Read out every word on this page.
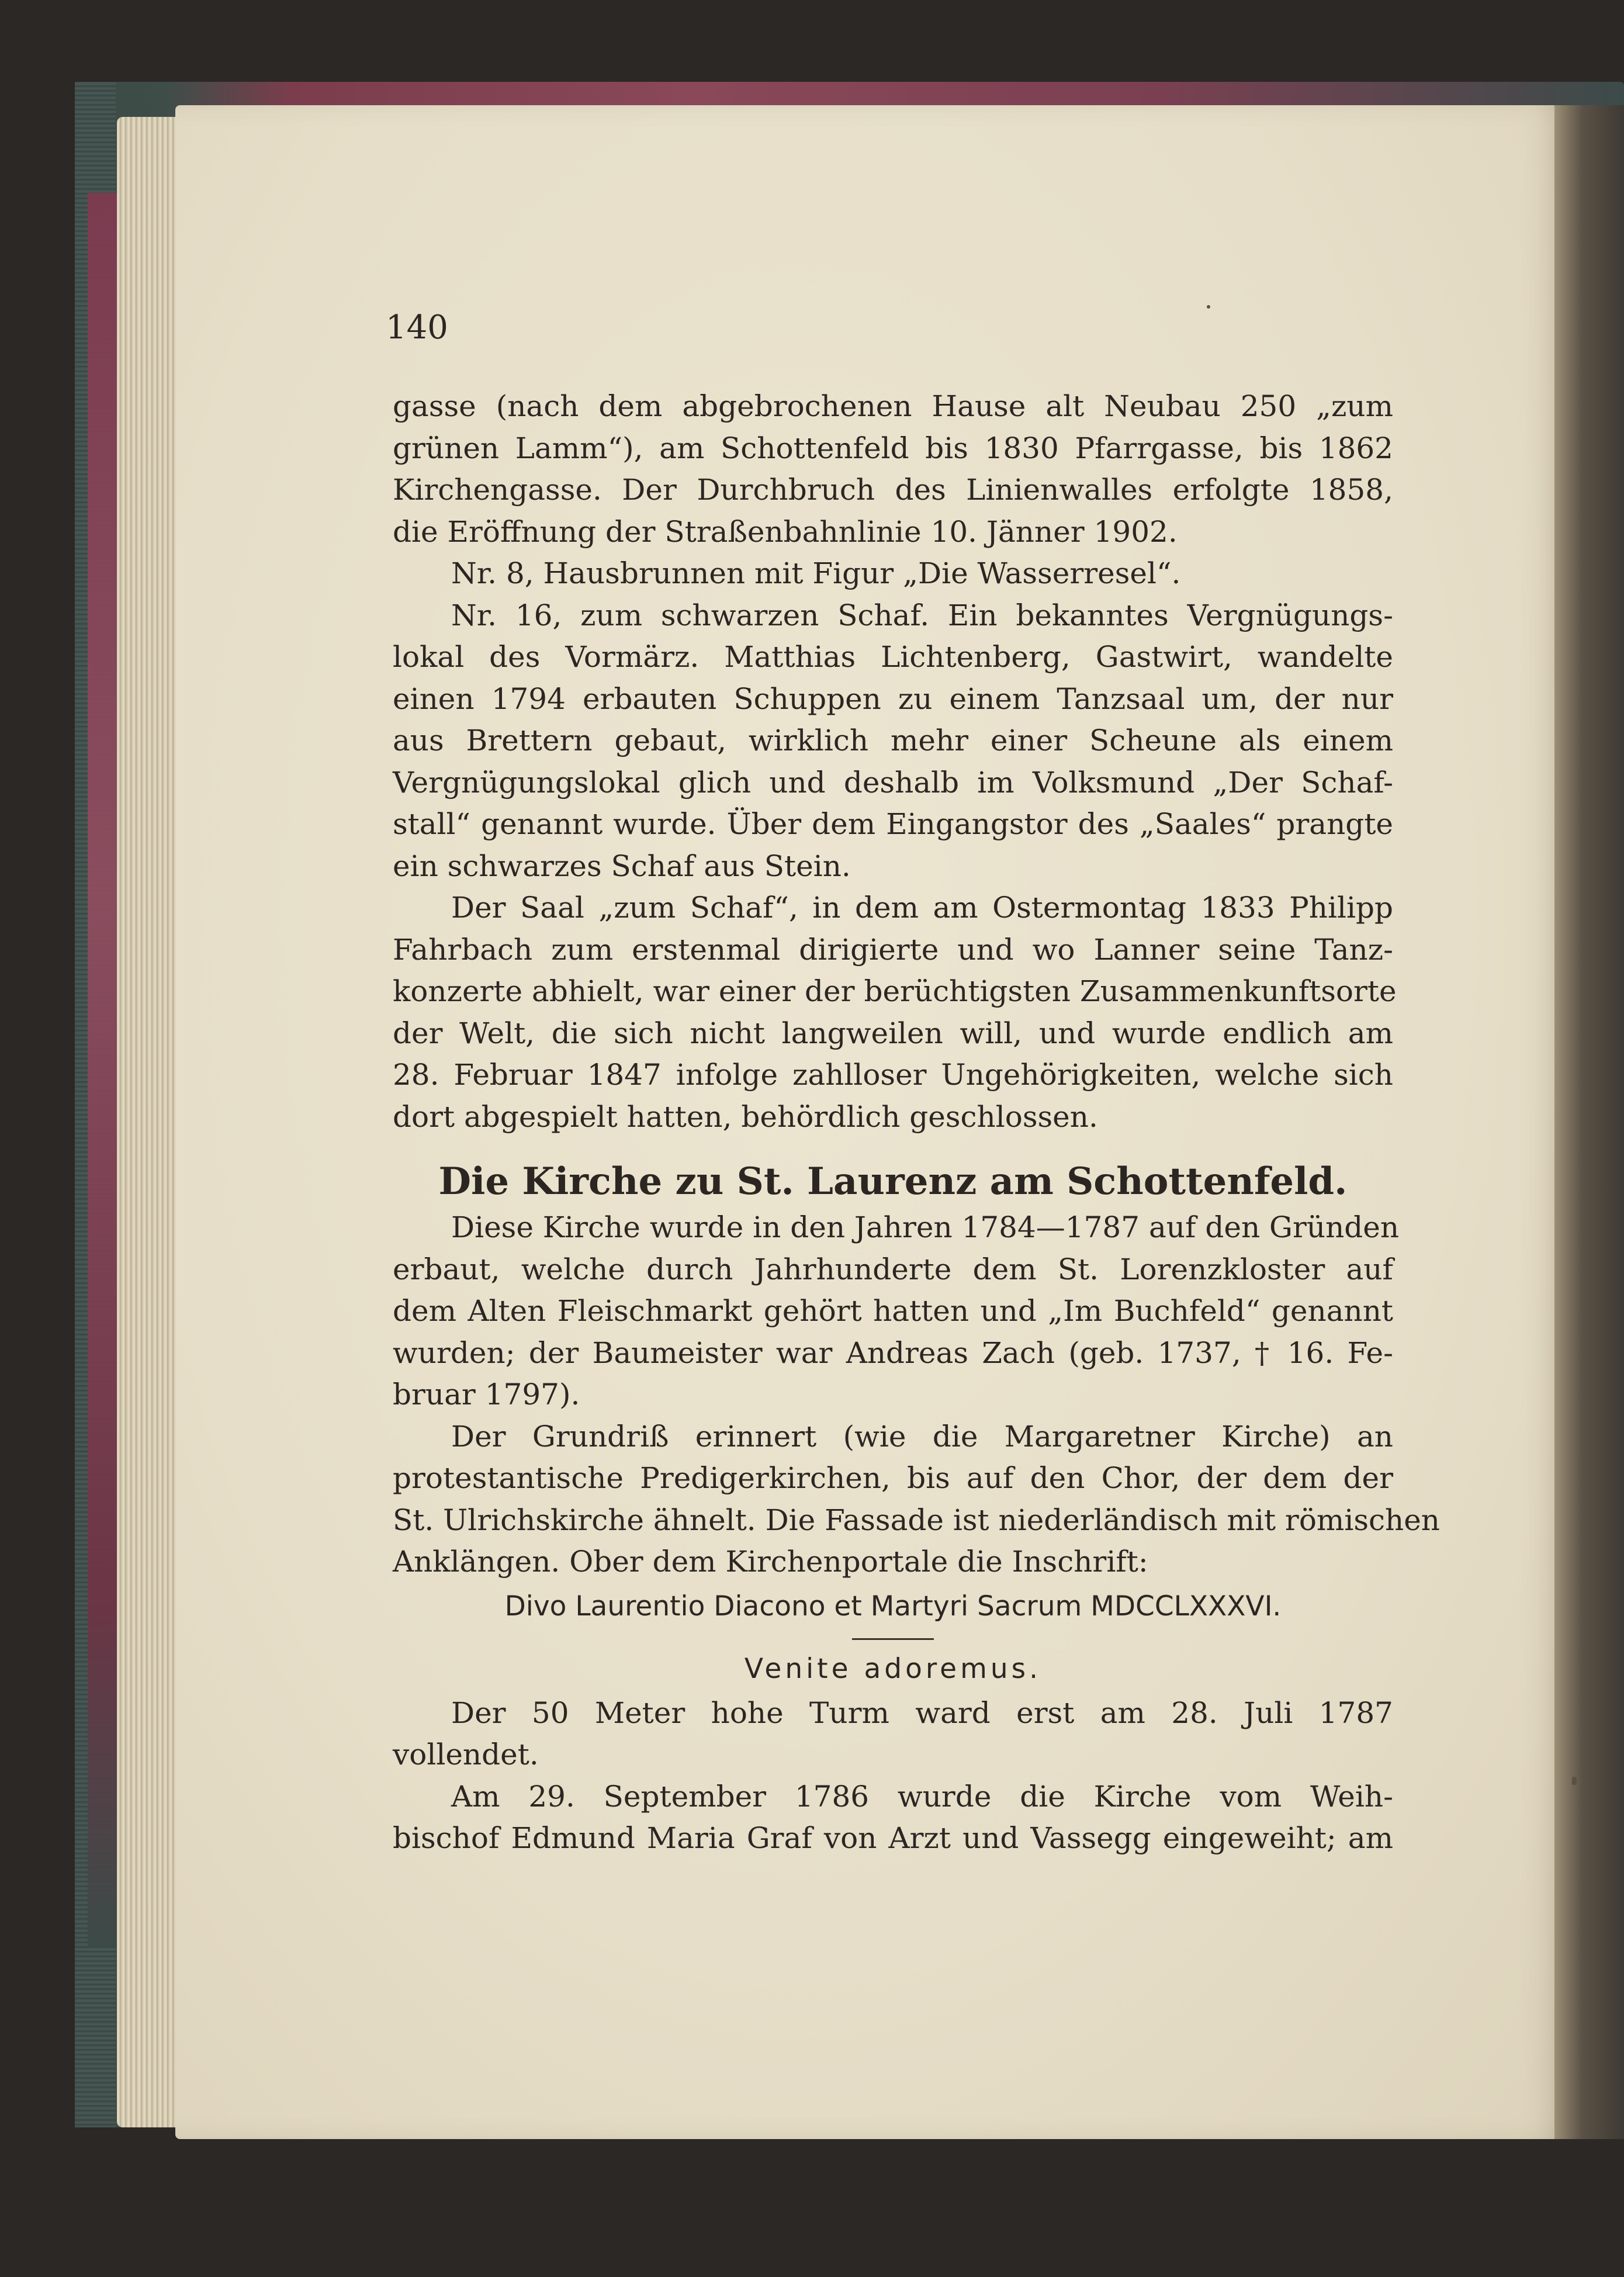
140
gasse (nach dem abgebrochenen Hause alt Neubau 250 „zum
grünen Lamm“), am Schottenfeld bis 1830 Pfarrgasse, bis 1862
Kirchengasse. Der Durchbruch des Linienwalles erfolgte 1858,
die Eröffnung der Straßenbahnlinie 10. Jänner 1902.
Nr. 8, Hausbrunnen mit Figur „Die Wasserresel“.
Nr. 16, zum schwarzen Schaf. Ein bekanntes Vergnügungs-
lokal des Vormärz. Matthias Lichtenberg, Gastwirt, wandelte
einen 1794 erbauten Schuppen zu einem Tanzsaal um, der nur
aus Brettern gebaut, wirklich mehr einer Scheune als einem
Vergnügungslokal glich und deshalb im Volksmund „Der Schaf-
stall“ genannt wurde. Über dem Eingangstor des „Saales“ prangte
ein schwarzes Schaf aus Stein.
Der Saal „zum Schaf“, in dem am Ostermontag 1833 Philipp
Fahrbach zum erstenmal dirigierte und wo Lanner seine Tanz-
konzerte abhielt, war einer der berüchtigsten Zusammenkunftsorte
der Welt, die sich nicht langweilen will, und wurde endlich am
28. Februar 1847 infolge zahlloser Ungehörigkeiten, welche sich
dort abgespielt hatten, behördlich geschlossen.
Die Kirche zu St. Laurenz am Schottenfeld.
Diese Kirche wurde in den Jahren 1784—1787 auf den Gründen
erbaut, welche durch Jahrhunderte dem St. Lorenzkloster auf
dem Alten Fleischmarkt gehört hatten und „Im Buchfeld“ genannt
wurden; der Baumeister war Andreas Zach (geb. 1737, † 16. Fe-
bruar 1797).
Der Grundriß erinnert (wie die Margaretner Kirche) an
protestantische Predigerkirchen, bis auf den Chor, der dem der
St. Ulrichskirche ähnelt. Die Fassade ist niederländisch mit römischen
Anklängen. Ober dem Kirchenportale die Inschrift:
Divo Laurentio Diacono et Martyri Sacrum MDCCLXXXVI.
Venite adoremus.
Der 50 Meter hohe Turm ward erst am 28. Juli 1787
vollendet.
Am 29. September 1786 wurde die Kirche vom Weih-
bischof Edmund Maria Graf von Arzt und Vassegg eingeweiht; am
